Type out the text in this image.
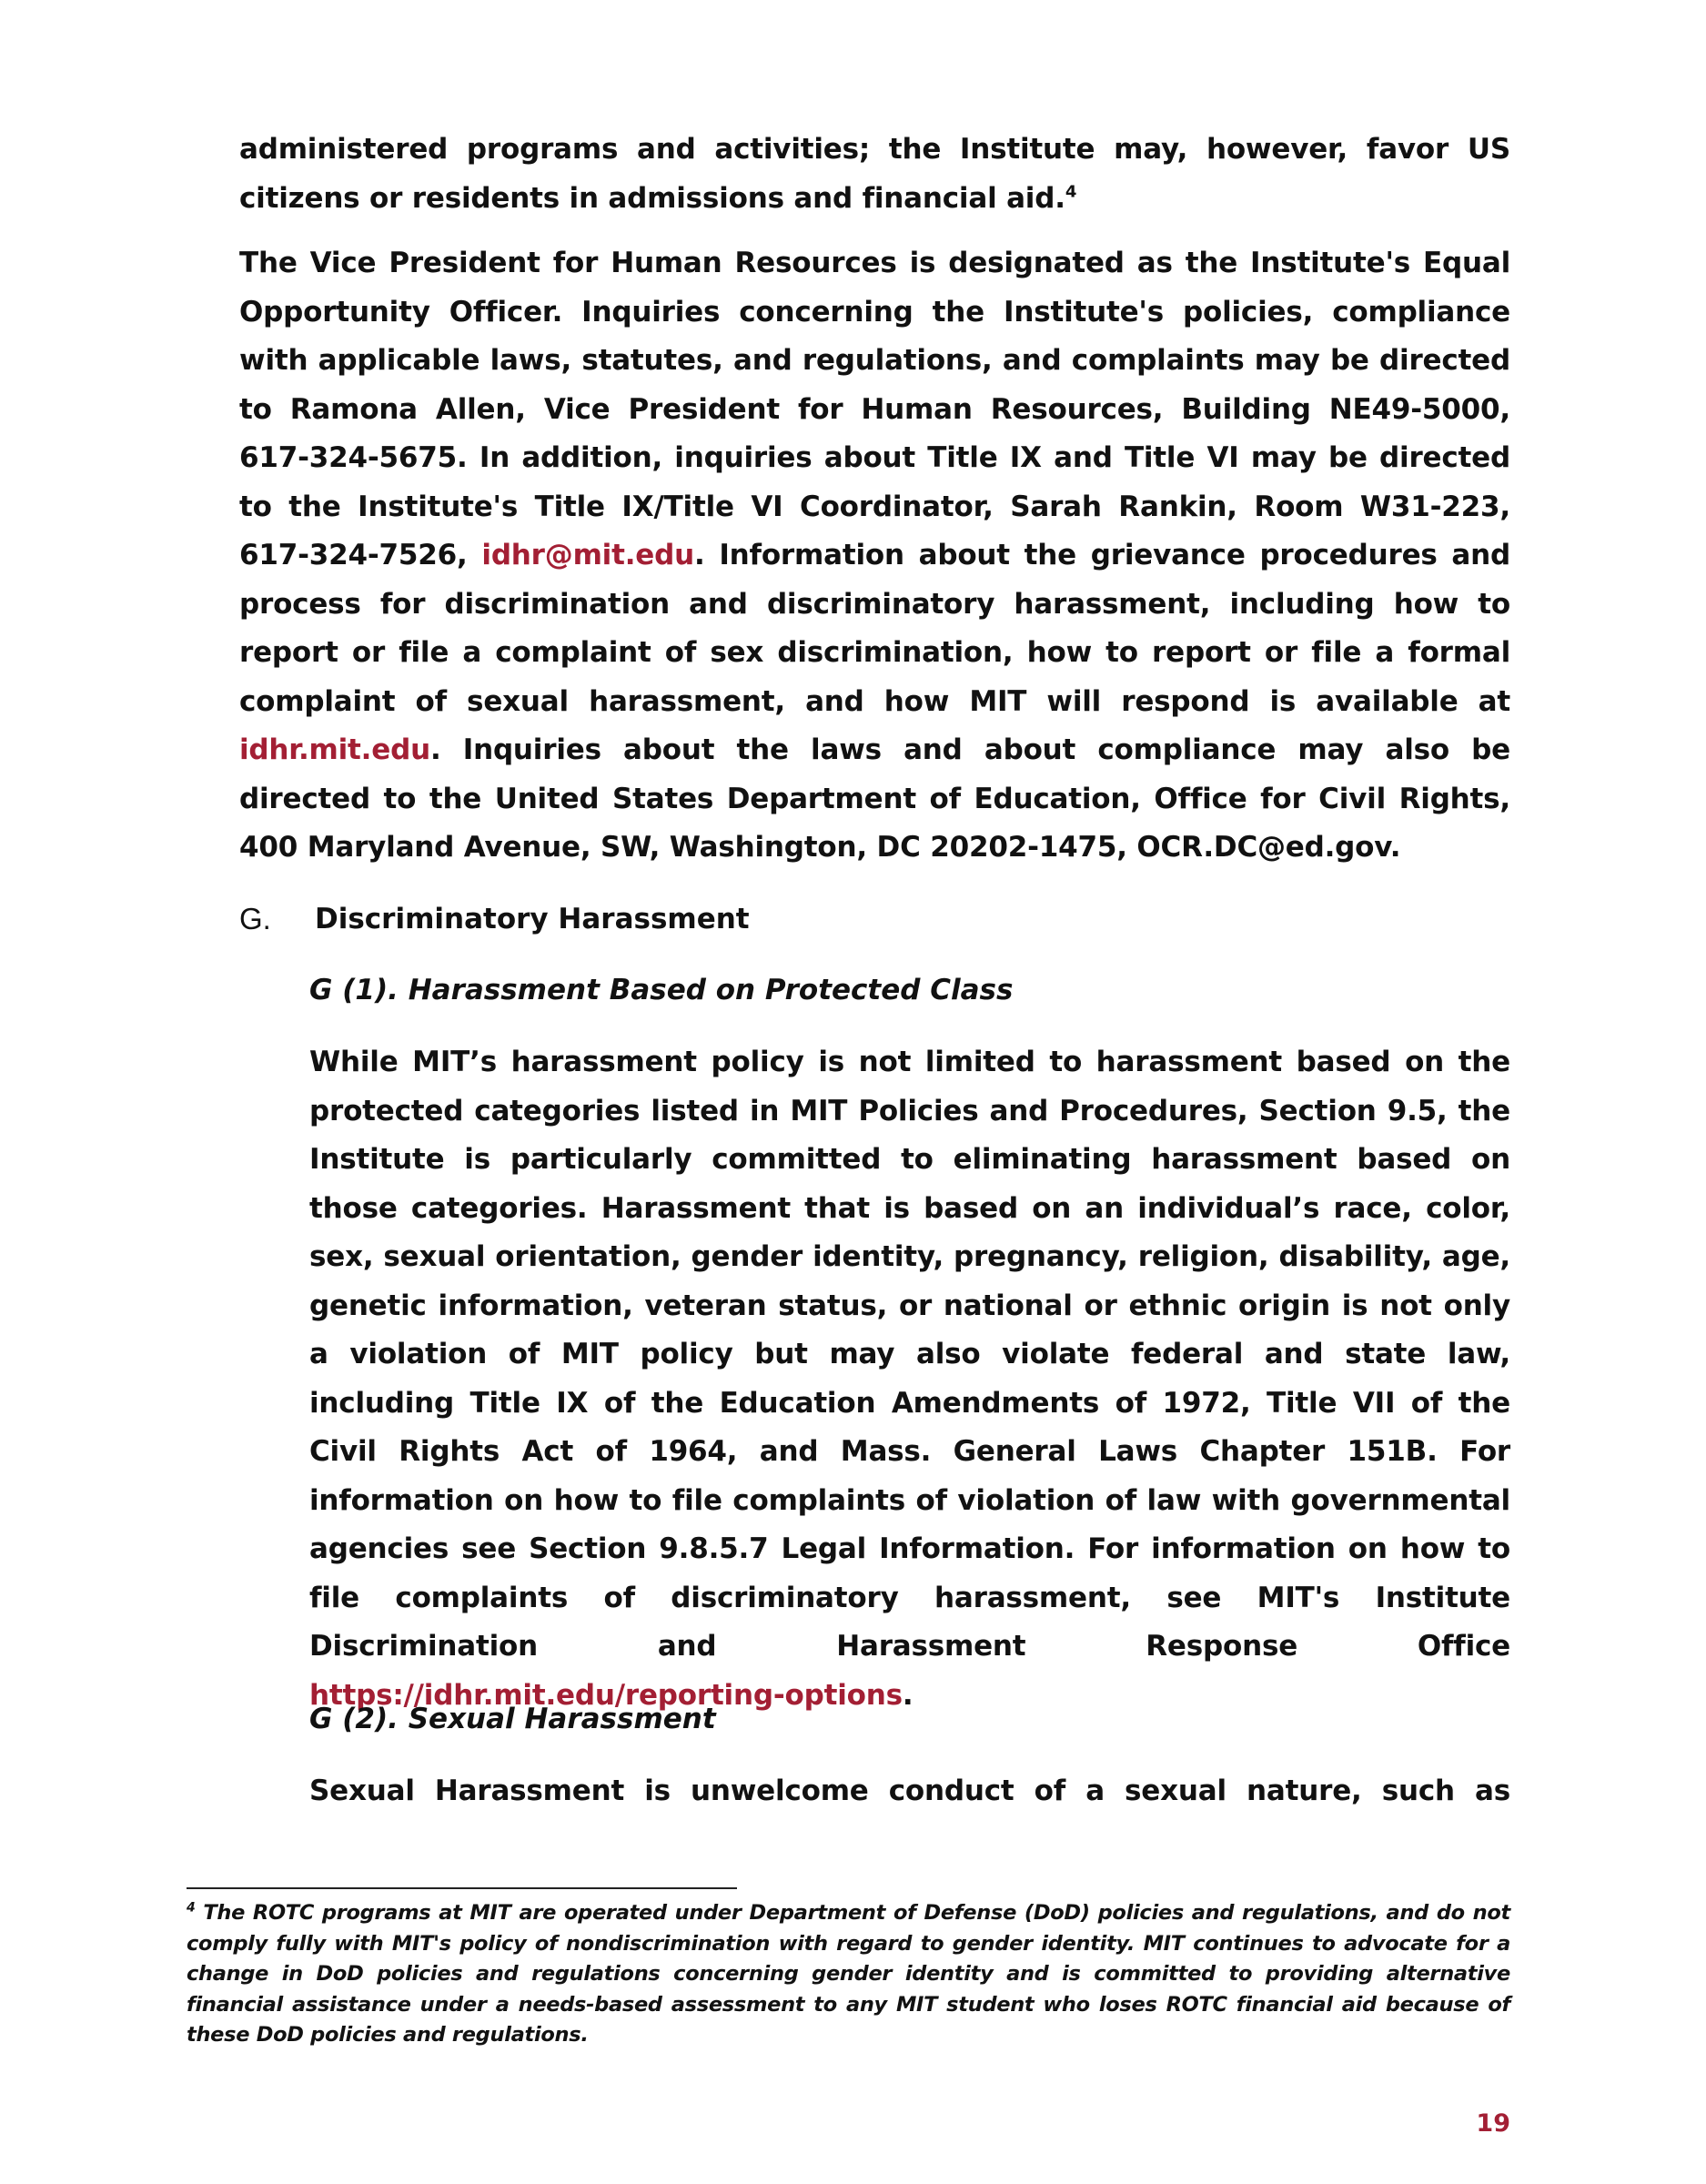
administered programs and activities; the Institute may, however, favor US citizens or residents in admissions and financial aid.$^4$

The Vice President for Human Resources is designated as the Institute's Equal Opportunity Officer. Inquiries concerning the Institute's policies, compliance with applicable laws, statutes, and regulations, and complaints may be directed to Ramona Allen, Vice President for Human Resources, Building NE49-5000, 617-324-5675. In addition, inquiries about Title IX and Title VI may be directed to the Institute's Title IX/Title VI Coordinator, Sarah Rankin, Room W31-223, 617-324-7526, idhr@mit.edu. Information about the grievance procedures and process for discrimination and discriminatory harassment, including how to report or file a complaint of sex discrimination, how to report or file a formal complaint of sexual harassment, and how MIT will respond is available at idhr.mit.edu. Inquiries about the laws and about compliance may also be directed to the United States Department of Education, Office for Civil Rights, 400 Maryland Avenue, SW, Washington, DC 20202-1475, OCR.DC@ed.gov.

G. Discriminatory Harassment

G (1). Harassment Based on Protected Class

While MIT’s harassment policy is not limited to harassment based on the protected categories listed in MIT Policies and Procedures, Section 9.5, the Institute is particularly committed to eliminating harassment based on those categories. Harassment that is based on an individual’s race, color, sex, sexual orientation, gender identity, pregnancy, religion, disability, age, genetic information, veteran status, or national or ethnic origin is not only a violation of MIT policy but may also violate federal and state law, including Title IX of the Education Amendments of 1972, Title VII of the Civil Rights Act of 1964, and Mass. General Laws Chapter 151B. For information on how to file complaints of violation of law with governmental agencies see Section 9.8.5.7 Legal Information. For information on how to file complaints of discriminatory harassment, see MIT's Institute Discrimination and Harassment Response Office https://idhr.mit.edu/reporting-options.

G (2). Sexual Harassment

Sexual Harassment is unwelcome conduct of a sexual nature, such as

$^4$ The ROTC programs at MIT are operated under Department of Defense (DoD) policies and regulations, and do not comply fully with MIT's policy of nondiscrimination with regard to gender identity. MIT continues to advocate for a change in DoD policies and regulations concerning gender identity and is committed to providing alternative financial assistance under a needs-based assessment to any MIT student who loses ROTC financial aid because of these DoD policies and regulations.

19
